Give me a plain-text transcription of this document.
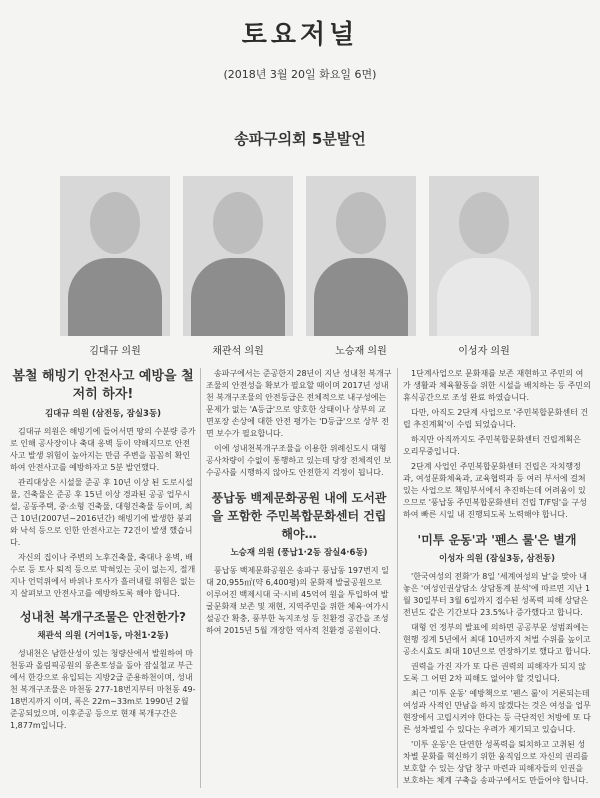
토요저널
(2018년 3월 20일 화요일 6면)
송파구의회 5분발언
김대규 의원	채관석 의원	노승재 의원	이성자 의원
봄철 해빙기 안전사고 예방을 철저히 하자!
김대규 의원 (삼전동, 잠실3동)

김대규 의원은 해빙기에 들어서면 땅의 수분량 증가로 인해 공사장이나 축대 옹벽 등이 약해지므로 안전사고 발생 위험이 높아지는 만큼 주변을 꼼꼼히 확인하여 안전사고를 예방하자고 5분 발언했다.

관리대상은 시설물 준공 후 10년 이상 된 도로시설물, 건축물은 준공 후 15년 이상 경과된 공공 업무시설, 공동주택, 중·소형 건축물, 대형건축물 등이며, 최근 10년(2007년~2016년간) 해빙기에 발생한 붕괴와 낙석 등으로 인한 안전사고는 72건이 발생 했습니다.

자신의 집이나 주변의 노후건축물, 축대나 옹벽, 배수로 등 토사 퇴적 등으로 막혀있는 곳이 없는지, 절개지나 언덕위에서 바위나 토사가 흘러내릴 위험은 없는지 살펴보고 안전사고를 예방하도록 해야 합니다.

성내천 복개구조물은 안전한가?
채관석 의원 (거여1동, 마천1·2동)

성내천은 남한산성이 있는 청량산에서 발원하여 마천동과 올림픽공원의 몽촌토성을 돌아 잠실철교 부근에서 한강으로 유입되는 지방2급 준용하천이며, 성내천 복개구조물은 마천동 277-18번지부터 마천동 49-18번지까지 이며, 폭은 22m~33m로 1990년 2월 준공되었으며, 이후준공 등으로 현재 복개구간은 1,877m입니다.

송파구에서는 준공한지 28년이 지난 성내천 복개구조물의 안전성을 확보가 필요할 때이며 2017년 성내천 복개구조물의 안전등급은 전체적으로 내구성에는 문제가 없는 'A등급'으로 양호한 상태이나 상부의 교면포장 손상에 대한 안전 평가는 'D등급'으로 상부 전면 보수가 필요합니다.

이에 성내천복개구조물을 이용한 위례신도시 대형 공사차량이 수없이 통행하고 있는데 당장 전체적인 보수공사를 시행하지 않아도 안전한지 걱정이 됩니다.

풍납동 백제문화공원 내에 도서관을 포함한 주민복합문화센터 건립해야…
노승재 의원 (풍납1·2동 잠실4·6동)

풍납동 백제문화공원은 송파구 풍납동 197번지 일대 20,955㎡(약 6,400평)의 문화재 발굴공원으로 이루어진 백제시대 국·시비 45억여 원을 투입하여 발굴문화재 보존 및 재현, 지역주민을 위한 체육·여가시설공간 확충, 풍부한 녹지조성 등 친환경 공간을 조성하여 2015년 5월 개장한 역사적 친환경 공원이다.

1단계사업으로 문화재를 보존 재현하고 주민의 여가 생활과 체육활동을 위한 시설을 배치하는 등 주민의 휴식공간으로 조성 완료 하였습니다.

다만, 아직도 2단계 사업으로 '주민복합문화센터 건립 추진계획'이 수립 되었습니다.

하지만 아직까지도 주민복합문화센터 건립계획은 오리무중입니다.

2단계 사업인 주민복합문화센터 건립은 자치행정과, 여성문화체육과, 교육협력과 등 여러 부서에 걸쳐있는 사업으로 책임부서에서 추진하는데 어려움이 있으므로 '풍납동 주민복합문화센터 건립 T/F팀'을 구성하여 빠른 시일 내 진행되도록 노력해야 합니다.

'미투 운동'과 '펜스 룰'은 별개
이성자 의원 (잠실3동, 삼전동)

'한국여성의 전화'가 8일 '세계여성의 날'을 맞아 내놓은 '여성인권상담소 상담통계 분석'에 따르면 지난 1월 30일부터 3월 6일까지 접수된 성폭력 피해 상담은 전년도 같은 기간보다 23.5%나 증가했다고 합니다.

대형 언 정부의 발표에 의하면 공공부문 성범죄에는 현행 징계 5년에서 최대 10년까지 처벌 수위를 높이고 공소시효도 최대 10년으로 연장하기로 했다고 합니다.

권력을 가진 자가 또 다른 권력의 피해자가 되지 않도록 그 어떤 2차 피해도 없어야 할 것입니다.

최근 '미투 운동' 예방책으로 '펜스 룰'이 거론되는데 여성과 사적인 만남을 하지 않겠다는 것은 여성을 업무 현장에서 고립시켜야 한다는 등 극단적인 처방에 또 다른 성차별일 수 있다는 우려가 제기되고 있습니다.

'미투 운동'은 단연한 성폭력을 퇴치하고 고취된 성차별 문화를 혁신하기 위한 움직임으로 자신의 권리를 보호할 수 있는 상담 창구 마련과 피해자들의 인권을 보호하는 체계 구축을 송파구에서도 만들어야 합니다.
